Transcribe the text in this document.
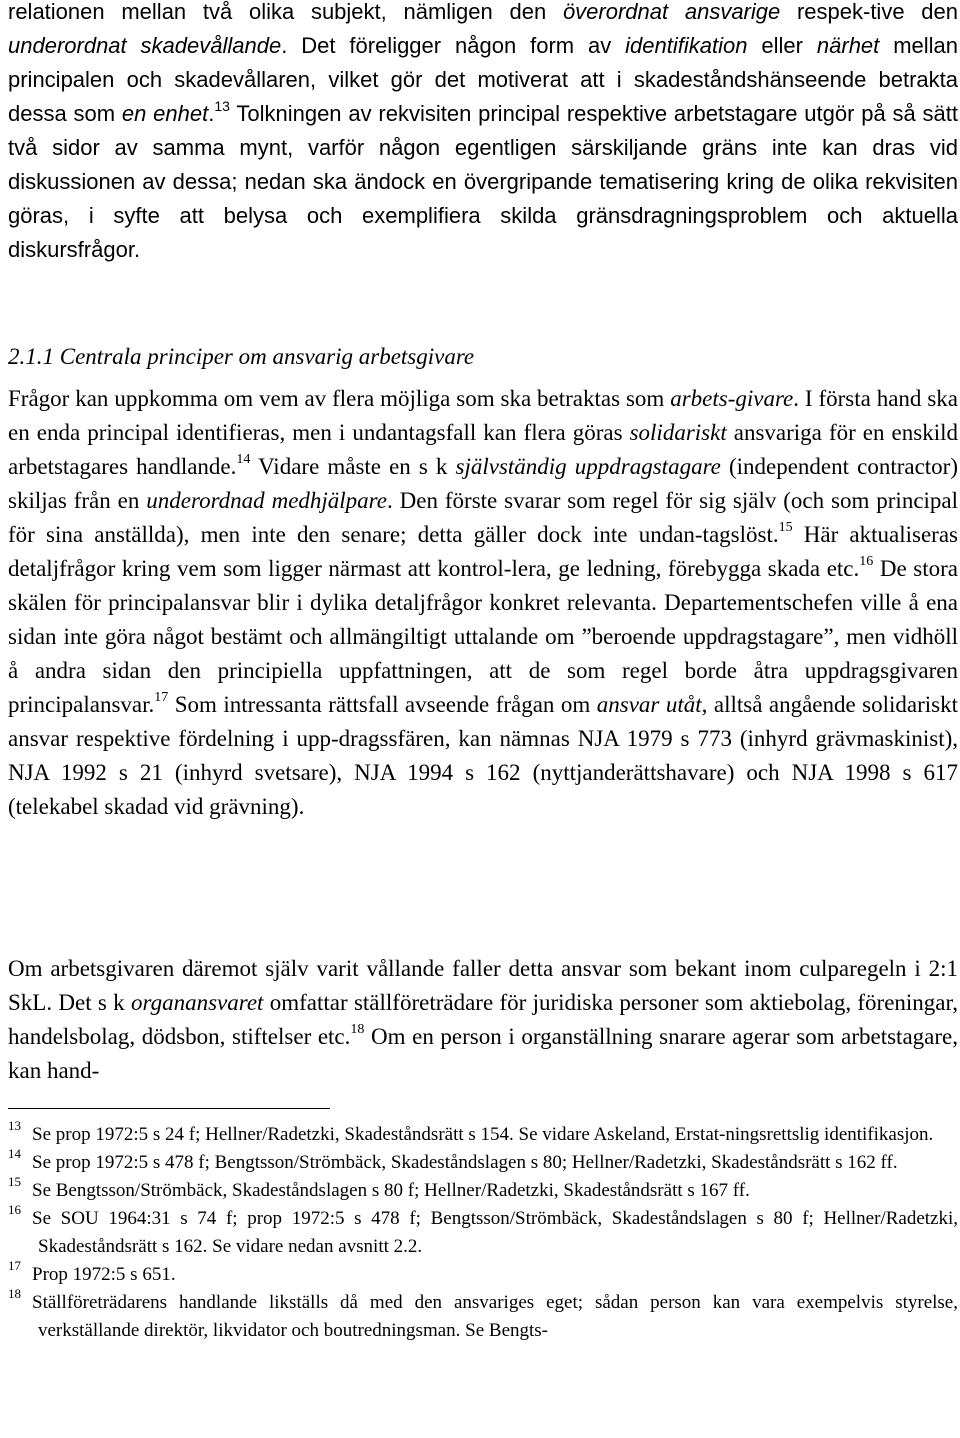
relationen mellan två olika subjekt, nämligen den överordnat ansvarige respek-tive den underordnat skadevållande. Det föreligger någon form av identifikation eller närhet mellan principalen och skadevållaren, vilket gör det motiverat att i skadeståndshänseende betrakta dessa som en enhet.$^{13}$ Tolkningen av rekvisiten principal respektive arbetstagare utgör på så sätt två sidor av samma mynt, varför någon egentligen särskiljande gräns inte kan dras vid diskussionen av dessa; nedan ska ändock en övergripande tematisering kring de olika rekvisiten göras, i syfte att belysa och exemplifiera skilda gränsdragningsproblem och aktuella diskursfrågor.

2.1.1 Centrala principer om ansvarig arbetsgivare

Frågor kan uppkomma om vem av flera möjliga som ska betraktas som arbets-givare. I första hand ska en enda principal identifieras, men i undantagsfall kan flera göras solidariskt ansvariga för en enskild arbetstagares handlande.$^{14}$ Vidare måste en s k självständig uppdragstagare (independent contractor) skiljas från en underordnad medhjälpare. Den förste svarar som regel för sig själv (och som principal för sina anställda), men inte den senare; detta gäller dock inte undan-tagslöst.$^{15}$ Här aktualiseras detaljfrågor kring vem som ligger närmast att kontrol-lera, ge ledning, förebygga skada etc.$^{16}$ De stora skälen för principalansvar blir i dylika detaljfrågor konkret relevanta. Departementschefen ville å ena sidan inte göra något bestämt och allmängiltigt uttalande om ”beroende uppdragstagare”, men vidhöll å andra sidan den principiella uppfattningen, att de som regel borde åtra uppdragsgivaren principalansvar.$^{17}$ Som intressanta rättsfall avseende frågan om ansvar utåt, alltså angående solidariskt ansvar respektive fördelning i upp-dragssfären, kan nämnas NJA 1979 s 773 (inhyrd grävmaskinist), NJA 1992 s 21 (inhyrd svetsare), NJA 1994 s 162 (nyttjanderättshavare) och NJA 1998 s 617 (telekabel skadad vid grävning).

Om arbetsgivaren däremot själv varit vållande faller detta ansvar som bekant inom culparegeln i 2:1 SkL. Det s k organansvaret omfattar ställföreträdare för juridiska personer som aktiebolag, föreningar, handelsbolag, dödsbon, stiftelser etc.$^{18}$ Om en person i organställning snarare agerar som arbetstagare, kan hand-

$^{13}$ Se prop 1972:5 s 24 f; Hellner/Radetzki, Skadeståndsrätt s 154. Se vidare Askeland, Erstat-ningsrettslig identifikasjon.

$^{14}$ Se prop 1972:5 s 478 f; Bengtsson/Strömbäck, Skadeståndslagen s 80; Hellner/Radetzki, Skadeståndsrätt s 162 ff.

$^{15}$ Se Bengtsson/Strömbäck, Skadeståndslagen s 80 f; Hellner/Radetzki, Skadeståndsrätt s 167 ff.

$^{16}$ Se SOU 1964:31 s 74 f; prop 1972:5 s 478 f; Bengtsson/Strömbäck, Skadeståndslagen s 80 f; Hellner/Radetzki, Skadeståndsrätt s 162. Se vidare nedan avsnitt 2.2.

$^{17}$ Prop 1972:5 s 651.

$^{18}$ Ställföreträdarens handlande likställs då med den ansvariges eget; sådan person kan vara exempelvis styrelse, verkställande direktör, likvidator och boutredningsman. Se Bengts-
